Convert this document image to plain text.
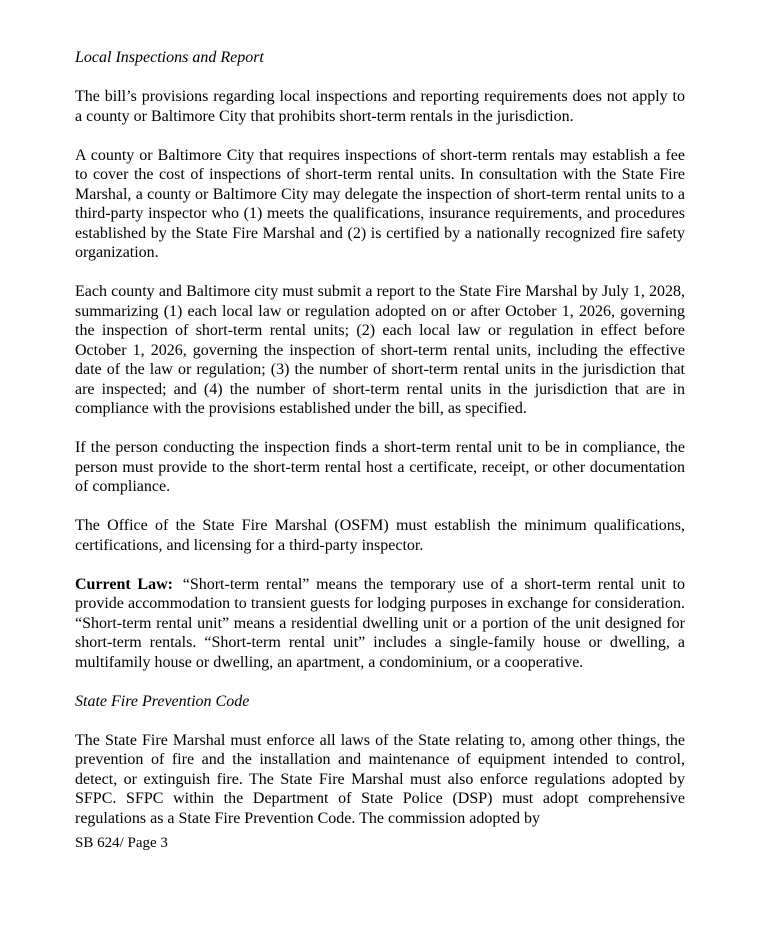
Local Inspections and Report

The bill’s provisions regarding local inspections and reporting requirements does not apply to a county or Baltimore City that prohibits short-term rentals in the jurisdiction.

A county or Baltimore City that requires inspections of short-term rentals may establish a fee to cover the cost of inspections of short-term rental units. In consultation with the State Fire Marshal, a county or Baltimore City may delegate the inspection of short-term rental units to a third-party inspector who (1) meets the qualifications, insurance requirements, and procedures established by the State Fire Marshal and (2) is certified by a nationally recognized fire safety organization.

Each county and Baltimore city must submit a report to the State Fire Marshal by July 1, 2028, summarizing (1) each local law or regulation adopted on or after October 1, 2026, governing the inspection of short-term rental units; (2) each local law or regulation in effect before October 1, 2026, governing the inspection of short-term rental units, including the effective date of the law or regulation; (3) the number of short-term rental units in the jurisdiction that are inspected; and (4) the number of short-term rental units in the jurisdiction that are in compliance with the provisions established under the bill, as specified.

If the person conducting the inspection finds a short-term rental unit to be in compliance, the person must provide to the short-term rental host a certificate, receipt, or other documentation of compliance.

The Office of the State Fire Marshal (OSFM) must establish the minimum qualifications, certifications, and licensing for a third-party inspector.

Current Law: “Short-term rental” means the temporary use of a short-term rental unit to provide accommodation to transient guests for lodging purposes in exchange for consideration. “Short-term rental unit” means a residential dwelling unit or a portion of the unit designed for short-term rentals. “Short-term rental unit” includes a single-family house or dwelling, a multifamily house or dwelling, an apartment, a condominium, or a cooperative.

State Fire Prevention Code

The State Fire Marshal must enforce all laws of the State relating to, among other things, the prevention of fire and the installation and maintenance of equipment intended to control, detect, or extinguish fire. The State Fire Marshal must also enforce regulations adopted by SFPC. SFPC within the Department of State Police (DSP) must adopt comprehensive regulations as a State Fire Prevention Code. The commission adopted by

SB 624/ Page 3
